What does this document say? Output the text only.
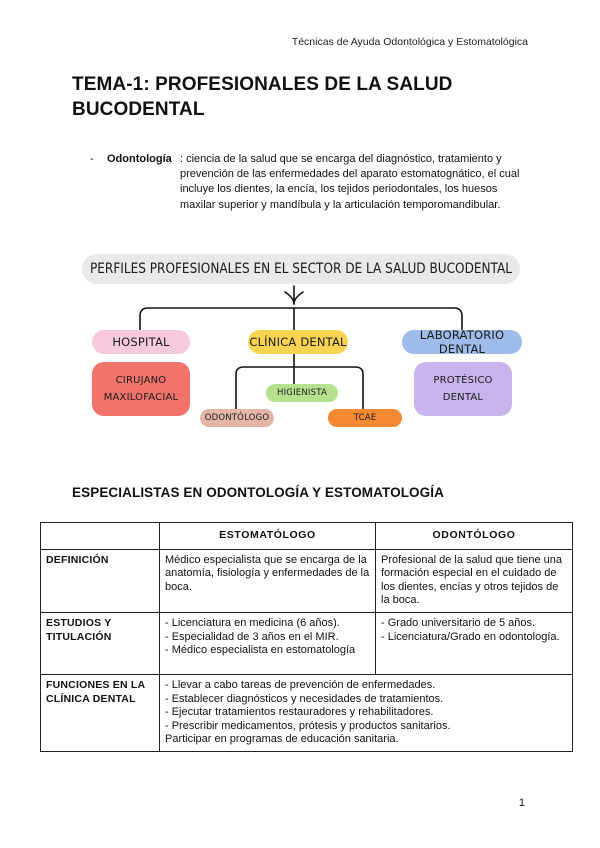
Técnicas de Ayuda Odontológica y Estomatológica
TEMA-1: PROFESIONALES DE LA SALUD BUCODENTAL
- Odontología : ciencia de la salud que se encarga del diagnóstico, tratamiento y prevención de las enfermedades del aparato estomatognático, el cual incluye los dientes, la encía, los tejidos periodontales, los huesos maxilar superior y mandíbula y la articulación temporomandibular.
PERFILES PROFESIONALES EN EL SECTOR DE LA SALUD BUCODENTAL
HOSPITAL	CLÍNICA DENTAL	LABORATORIO DENTAL
CIRUJANO
MAXILOFACIAL
PROTÉSICO
DENTAL
HIGIENISTA
ODONTÓLOGO	TCAE
ESPECIALISTAS EN ODONTOLOGÍA Y ESTOMATOLOGÍA
	ESTOMATÓLOGO	ODONTÓLOGO
DEFINICIÓN	Médico especialista que se encarga de la anatomía, fisiología y enfermedades de la boca.	Profesional de la salud que tiene una formación especial en el cuidado de los dientes, encías y otros tejidos de la boca.
ESTUDIOS Y TITULACIÓN	- Licenciatura en medicina (6 años).
- Especialidad de 3 años en el MIR.
- Médico especialista en estomatología	- Grado universitario de 5 años.
- Licenciatura/Grado en odontología.

FUNCIONES EN LA CLÍNICA DENTAL	- Llevar a cabo tareas de prevención de enfermedades.
- Establecer diagnósticos y necesidades de tratamientos.
- Ejecutar tratamientos restauradores y rehabilitadores.
- Prescribir medicamentos, prótesis y productos sanitarios.
Participar en programas de educación sanitaria.	
1
